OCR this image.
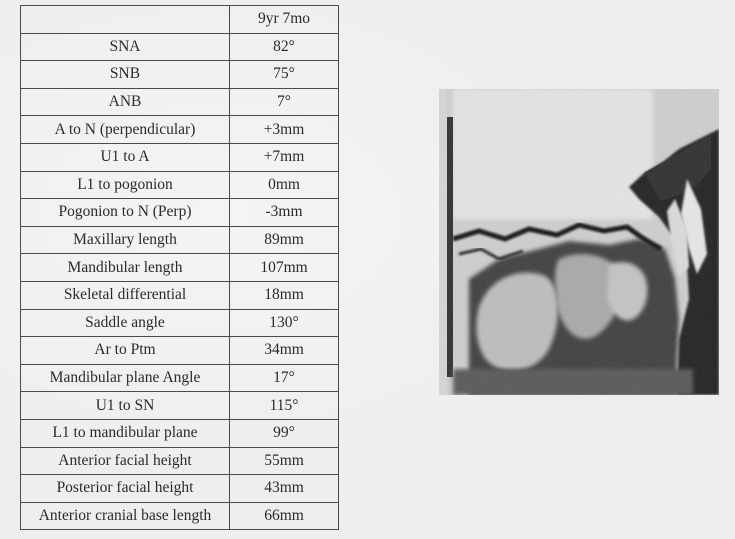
	9yr 7mo
SNA	82°
SNB	75°
ANB	7°
A to N (perpendicular)	+3mm
U1 to A	+7mm
L1 to pogonion	0mm
Pogonion to N (Perp)	-3mm
Maxillary length	89mm
Mandibular length	107mm
Skeletal differential	18mm
Saddle angle	130°
Ar to Ptm	34mm
Mandibular plane Angle	17°
U1 to SN	115°
L1 to mandibular plane	99°
Anterior facial height	55mm
Posterior facial height	43mm
Anterior cranial base length	66mm
